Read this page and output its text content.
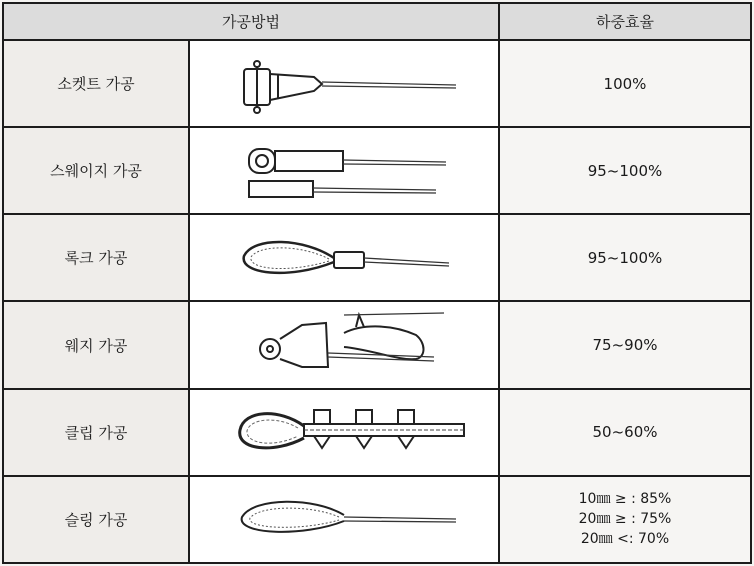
가공방법		하중효율
소켓트 가공		100%
스웨이지 가공		95~100%
록크 가공		95~100%
웨지 가공		75~90%
클립 가공		50~60%
슬링 가공		10㎜ ≥ : 85%
20㎜ ≥ : 75%
20㎜ <: 70%
